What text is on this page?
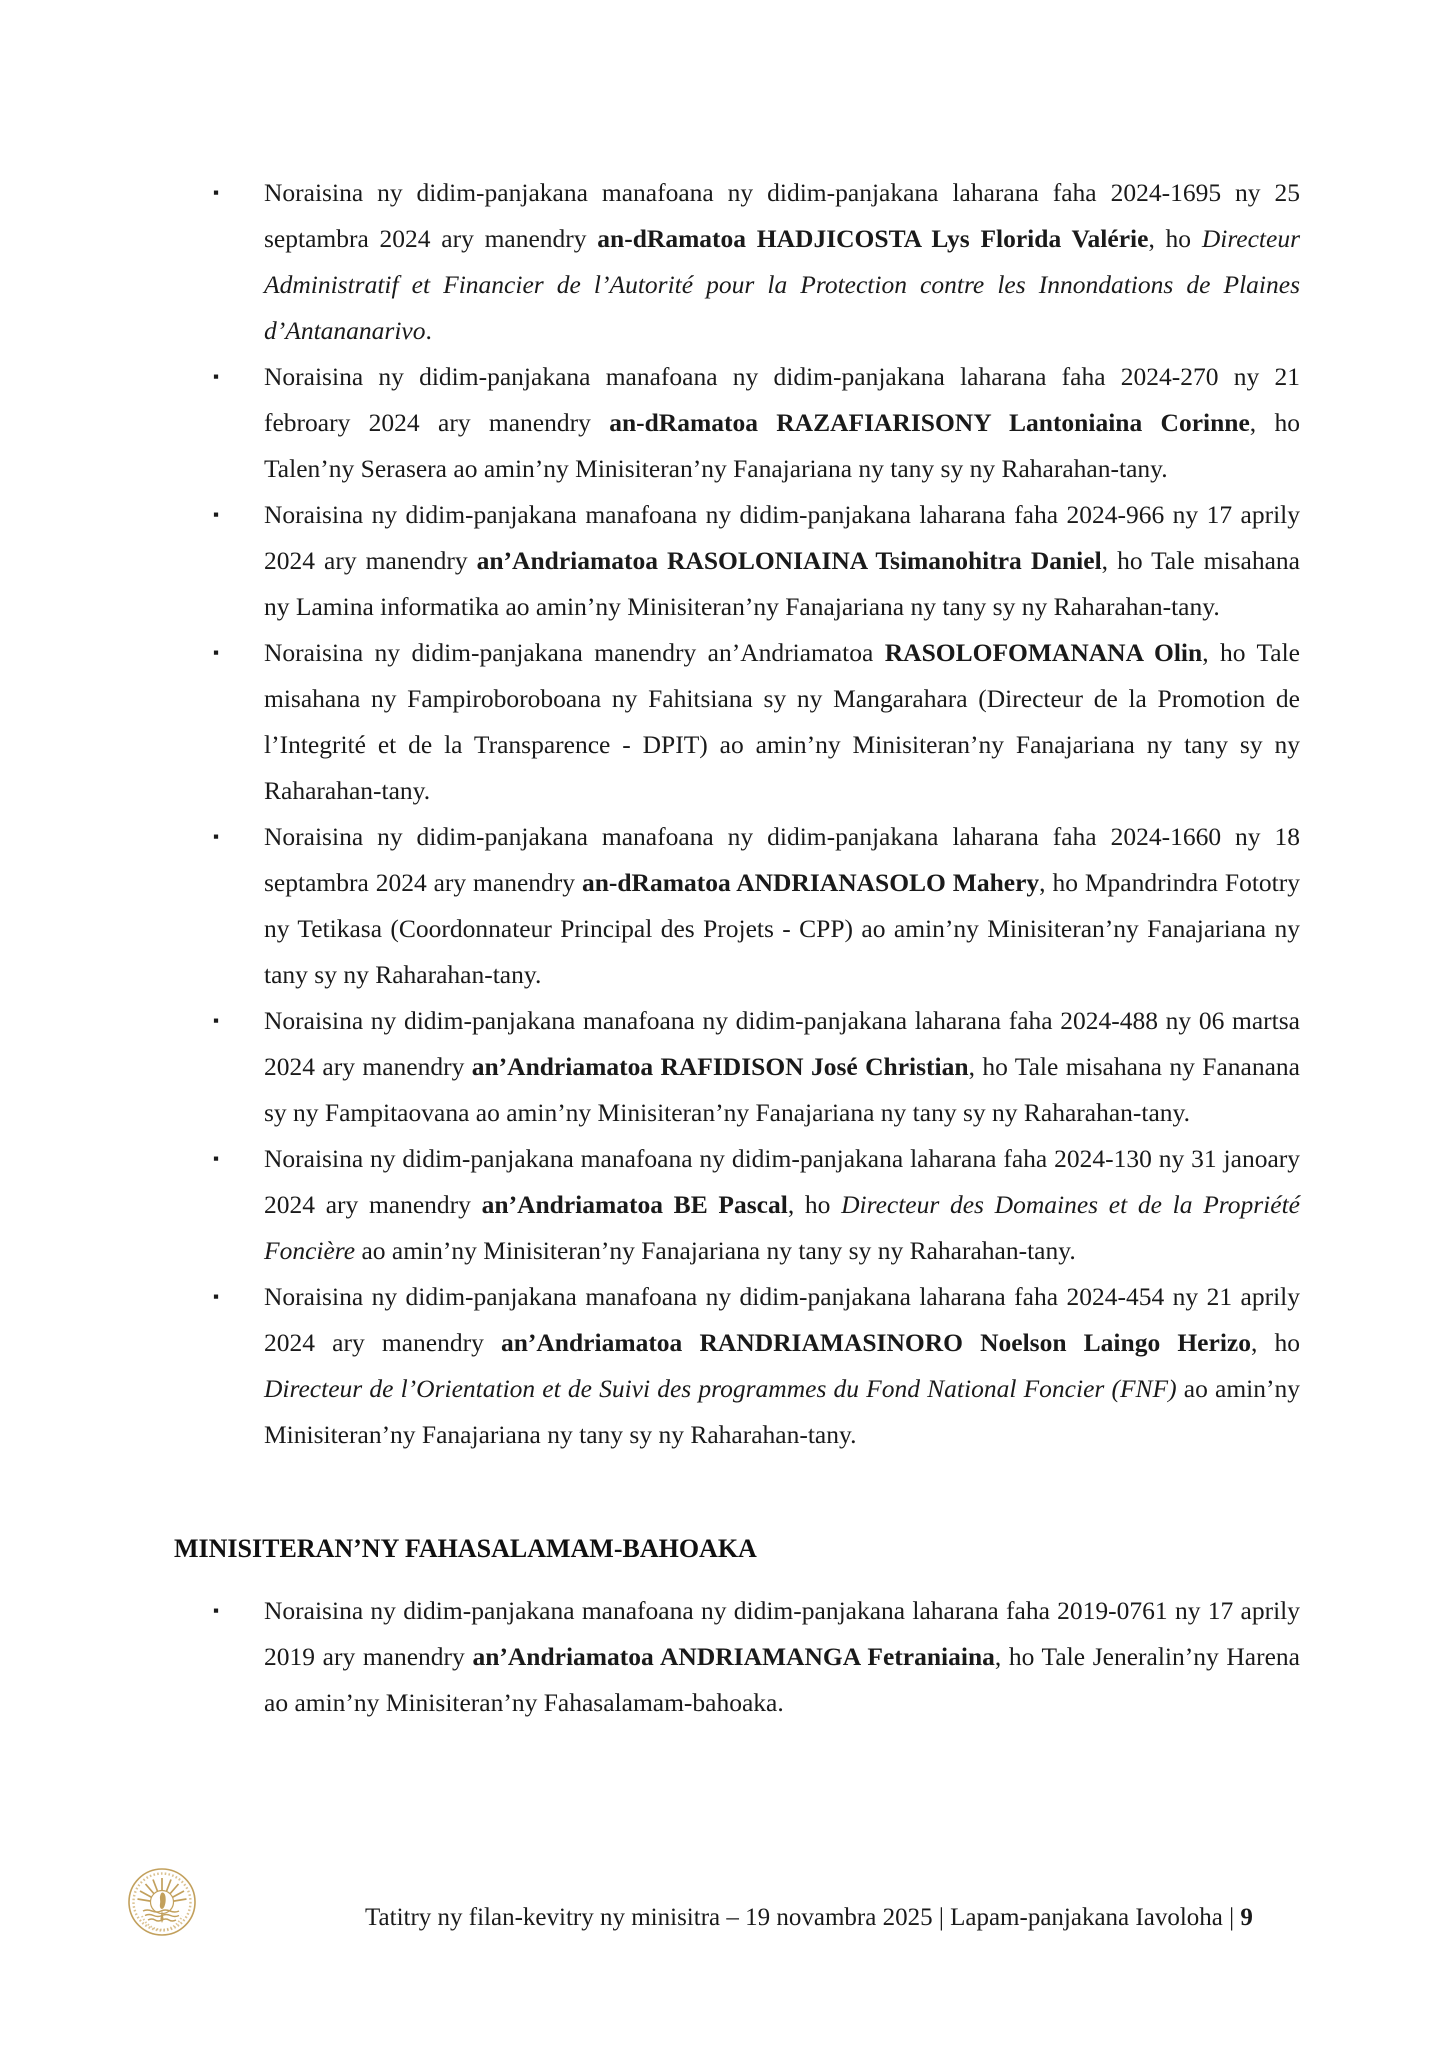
▪ Noraisina ny didim-panjakana manafoana ny didim-panjakana laharana faha 2024-1695 ny 25 septambra 2024 ary manendry an-dRamatoa HADJICOSTA Lys Florida Valérie, ho Directeur Administratif et Financier de l’Autorité pour la Protection contre les Innondations de Plaines d’Antananarivo.
▪ Noraisina ny didim-panjakana manafoana ny didim-panjakana laharana faha 2024-270 ny 21 febroary 2024 ary manendry an-dRamatoa RAZAFIARISONY Lantoniaina Corinne, ho Talen’ny Serasera ao amin’ny Minisiteran’ny Fanajariana ny tany sy ny Raharahan-tany.
▪ Noraisina ny didim-panjakana manafoana ny didim-panjakana laharana faha 2024-966 ny 17 aprily 2024 ary manendry an’Andriamatoa RASOLONIAINA Tsimanohitra Daniel, ho Tale misahana ny Lamina informatika ao amin’ny Minisiteran’ny Fanajariana ny tany sy ny Raharahan-tany.
▪ Noraisina ny didim-panjakana manendry an’Andriamatoa RASOLOFOMANANA Olin, ho Tale misahana ny Fampiroboroboana ny Fahitsiana sy ny Mangarahara (Directeur de la Promotion de l’Integrité et de la Transparence - DPIT) ao amin’ny Minisiteran’ny Fanajariana ny tany sy ny Raharahan-tany.
▪ Noraisina ny didim-panjakana manafoana ny didim-panjakana laharana faha 2024-1660 ny 18 septambra 2024 ary manendry an-dRamatoa ANDRIANASOLO Mahery, ho Mpandrindra Fototry ny Tetikasa (Coordonnateur Principal des Projets - CPP) ao amin’ny Minisiteran’ny Fanajariana ny tany sy ny Raharahan-tany.
▪ Noraisina ny didim-panjakana manafoana ny didim-panjakana laharana faha 2024-488 ny 06 martsa 2024 ary manendry an’Andriamatoa RAFIDISON José Christian, ho Tale misahana ny Fananana sy ny Fampitaovana ao amin’ny Minisiteran’ny Fanajariana ny tany sy ny Raharahan-tany.
▪ Noraisina ny didim-panjakana manafoana ny didim-panjakana laharana faha 2024-130 ny 31 janoary 2024 ary manendry an’Andriamatoa BE Pascal, ho Directeur des Domaines et de la Propriété Foncière ao amin’ny Minisiteran’ny Fanajariana ny tany sy ny Raharahan-tany.
▪ Noraisina ny didim-panjakana manafoana ny didim-panjakana laharana faha 2024-454 ny 21 aprily 2024 ary manendry an’Andriamatoa RANDRIAMASINORO Noelson Laingo Herizo, ho Directeur de l’Orientation et de Suivi des programmes du Fond National Foncier (FNF) ao amin’ny Minisiteran’ny Fanajariana ny tany sy ny Raharahan-tany.
MINISITERAN’NY FAHASALAMAM-BAHOAKA
▪ Noraisina ny didim-panjakana manafoana ny didim-panjakana laharana faha 2019-0761 ny 17 aprily 2019 ary manendry an’Andriamatoa ANDRIAMANGA Fetraniaina, ho Tale Jeneralin’ny Harena ao amin’ny Minisiteran’ny Fahasalamam-bahoaka.
Tatitry ny filan-kevitry ny minisitra – 19 novambra 2025 | Lapam-panjakana Iavoloha | 9
